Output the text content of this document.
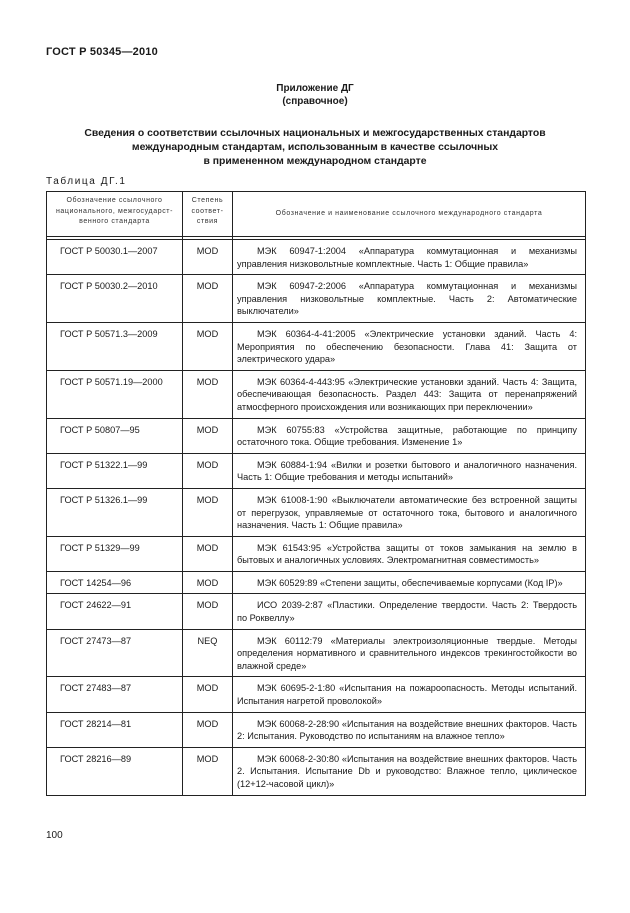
ГОСТ Р 50345—2010
Приложение ДГ
(справочное)
Сведения о соответствии ссылочных национальных и межгосударственных стандартов
международным стандартам, использованным в качестве ссылочных
в примененном международном стандарте
Таблица ДГ.1
Обозначение ссылочного национального, межгосударст-венного стандарта	Степень соответ-ствия	Обозначение и наименование ссылочного международного стандарта

ГОСТ Р 50030.1—2007	MOD	МЭК 60947-1:2004 «Аппаратура коммутационная и механизмы управления низковольтные комплектные. Часть 1: Общие правила»
ГОСТ Р 50030.2—2010	MOD	МЭК 60947-2:2006 «Аппаратура коммутационная и механизмы управления низковольтные комплектные. Часть 2: Автоматические выключатели»
ГОСТ Р 50571.3—2009	MOD	МЭК 60364-4-41:2005 «Электрические установки зданий. Часть 4: Мероприятия по обеспечению безопасности. Глава 41: Защита от электрического удара»
ГОСТ Р 50571.19—2000	MOD	МЭК 60364-4-443:95 «Электрические установки зданий. Часть 4: Защита, обеспечивающая безопасность. Раздел 443: Защита от перенапряжений атмосферного происхождения или возникающих при переключении»
ГОСТ Р 50807—95	MOD	МЭК 60755:83 «Устройства защитные, работающие по принципу остаточного тока. Общие требования. Изменение 1»
ГОСТ Р 51322.1—99	MOD	МЭК 60884-1:94 «Вилки и розетки бытового и аналогичного назначения. Часть 1: Общие требования и методы испытаний»
ГОСТ Р 51326.1—99	MOD	МЭК 61008-1:90 «Выключатели автоматические без встроенной защиты от перегрузок, управляемые от остаточного тока, бытового и аналогичного назначения. Часть 1: Общие правила»
ГОСТ Р 51329—99	MOD	МЭК 61543:95 «Устройства защиты от токов замыкания на землю в бытовых и аналогичных условиях. Электромагнитная совместимость»
ГОСТ 14254—96	MOD	МЭК 60529:89 «Степени защиты, обеспечиваемые корпусами (Код IP)»
ГОСТ 24622—91	MOD	ИСО 2039-2:87 «Пластики. Определение твердости. Часть 2: Твердость по Роквеллу»
ГОСТ 27473—87	NEQ	МЭК 60112:79 «Материалы электроизоляционные твердые. Методы определения нормативного и сравнительного индексов трекингостойкости во влажной среде»
ГОСТ 27483—87	MOD	МЭК 60695-2-1:80 «Испытания на пожароопасность. Методы испытаний. Испытания нагретой проволокой»
ГОСТ 28214—81	MOD	МЭК 60068-2-28:90 «Испытания на воздействие внешних факторов. Часть 2: Испытания. Руководство по испытаниям на влажное тепло»
ГОСТ 28216—89	MOD	МЭК 60068-2-30:80 «Испытания на воздействие внешних факторов. Часть 2. Испытания. Испытание Db и руководство: Влажное тепло, циклическое (12+12-часовой цикл)»
100
